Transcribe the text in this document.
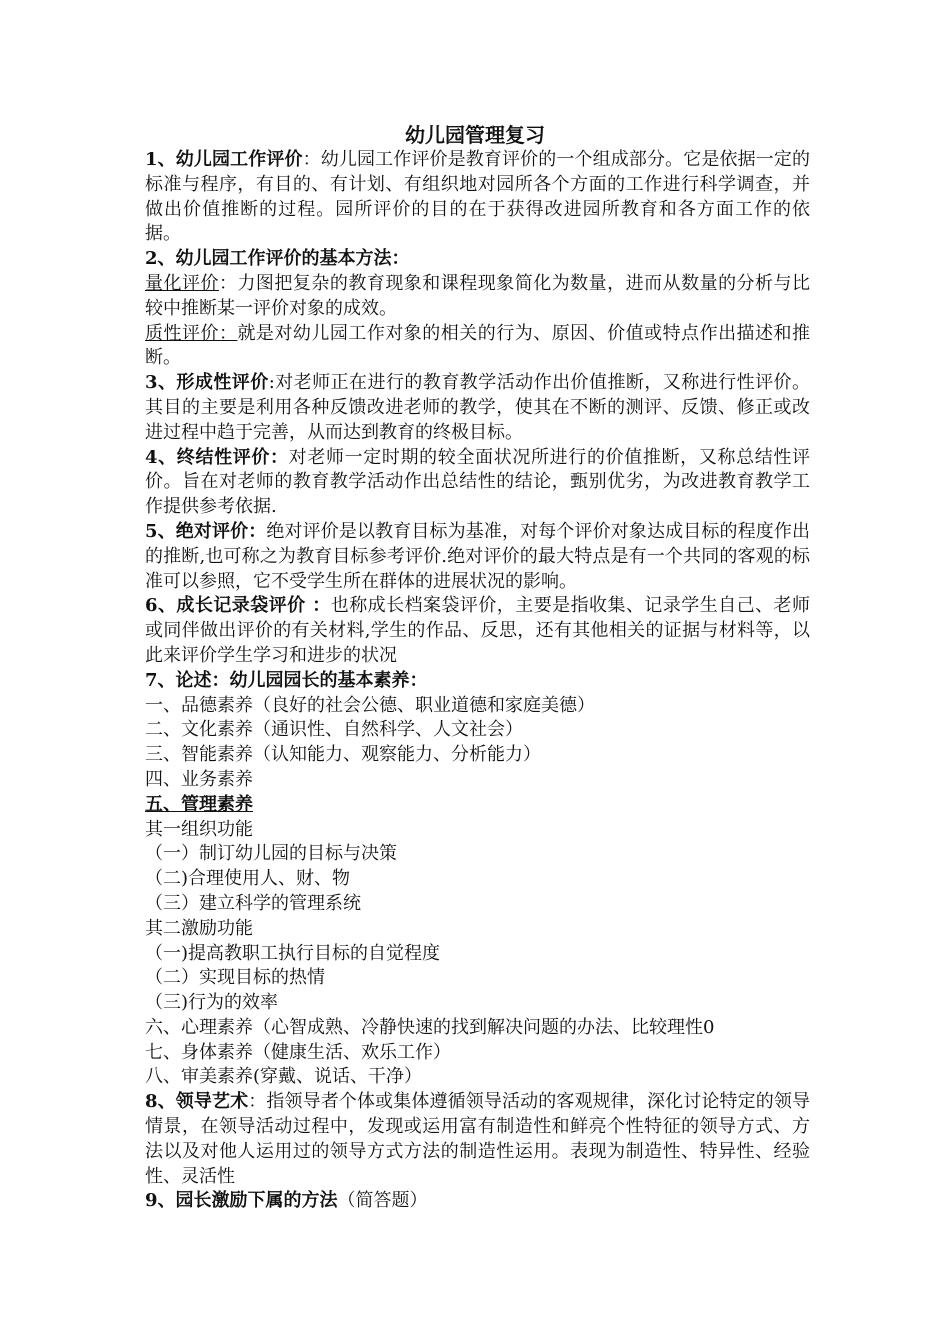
幼儿园管理复习

1、幼儿园工作评价：幼儿园工作评价是教育评价的一个组成部分。它是依据一定的标准与程序，有目的、有计划、有组织地对园所各个方面的工作进行科学调查，并做出价值推断的过程。园所评价的目的在于获得改进园所教育和各方面工作的依据。

2、幼儿园工作评价的基本方法：

量化评价：力图把复杂的教育现象和课程现象简化为数量，进而从数量的分析与比较中推断某一评价对象的成效。

质性评价：就是对幼儿园工作对象的相关的行为、原因、价值或特点作出描述和推断。

3、形成性评价:对老师正在进行的教育教学活动作出价值推断，又称进行性评价。其目的主要是利用各种反馈改进老师的教学，使其在不断的测评、反馈、修正或改进过程中趋于完善，从而达到教育的终极目标。

4、终结性评价：对老师一定时期的较全面状况所进行的价值推断，又称总结性评价。旨在对老师的教育教学活动作出总结性的结论，甄别优劣，为改进教育教学工作提供参考依据.

5、绝对评价：绝对评价是以教育目标为基准，对每个评价对象达成目标的程度作出的推断,也可称之为教育目标参考评价.绝对评价的最大特点是有一个共同的客观的标准可以参照，它不受学生所在群体的进展状况的影响。

6、成长记录袋评价 ：也称成长档案袋评价，主要是指收集、记录学生自己、老师或同伴做出评价的有关材料,学生的作品、反思，还有其他相关的证据与材料等，以此来评价学生学习和进步的状况

7、论述：幼儿园园长的基本素养：

一、品德素养（良好的社会公德、职业道德和家庭美德）

二、文化素养（通识性、自然科学、人文社会）

三、智能素养（认知能力、观察能力、分析能力）

四、业务素养

五、管理素养

其一组织功能

（一）制订幼儿园的目标与决策

（二)合理使用人、财、物

（三）建立科学的管理系统

其二激励功能

（一)提高教职工执行目标的自觉程度

（二）实现目标的热情

（三)行为的效率

六、心理素养（心智成熟、冷静快速的找到解决问题的办法、比较理性0

七、身体素养（健康生活、欢乐工作）

八、审美素养(穿戴、说话、干净）

8、领导艺术：指领导者个体或集体遵循领导活动的客观规律，深化讨论特定的领导情景，在领导活动过程中，发现或运用富有制造性和鲜亮个性特征的领导方式、方法以及对他人运用过的领导方式方法的制造性运用。表现为制造性、特异性、经验性、灵活性

9、园长激励下属的方法（简答题）
